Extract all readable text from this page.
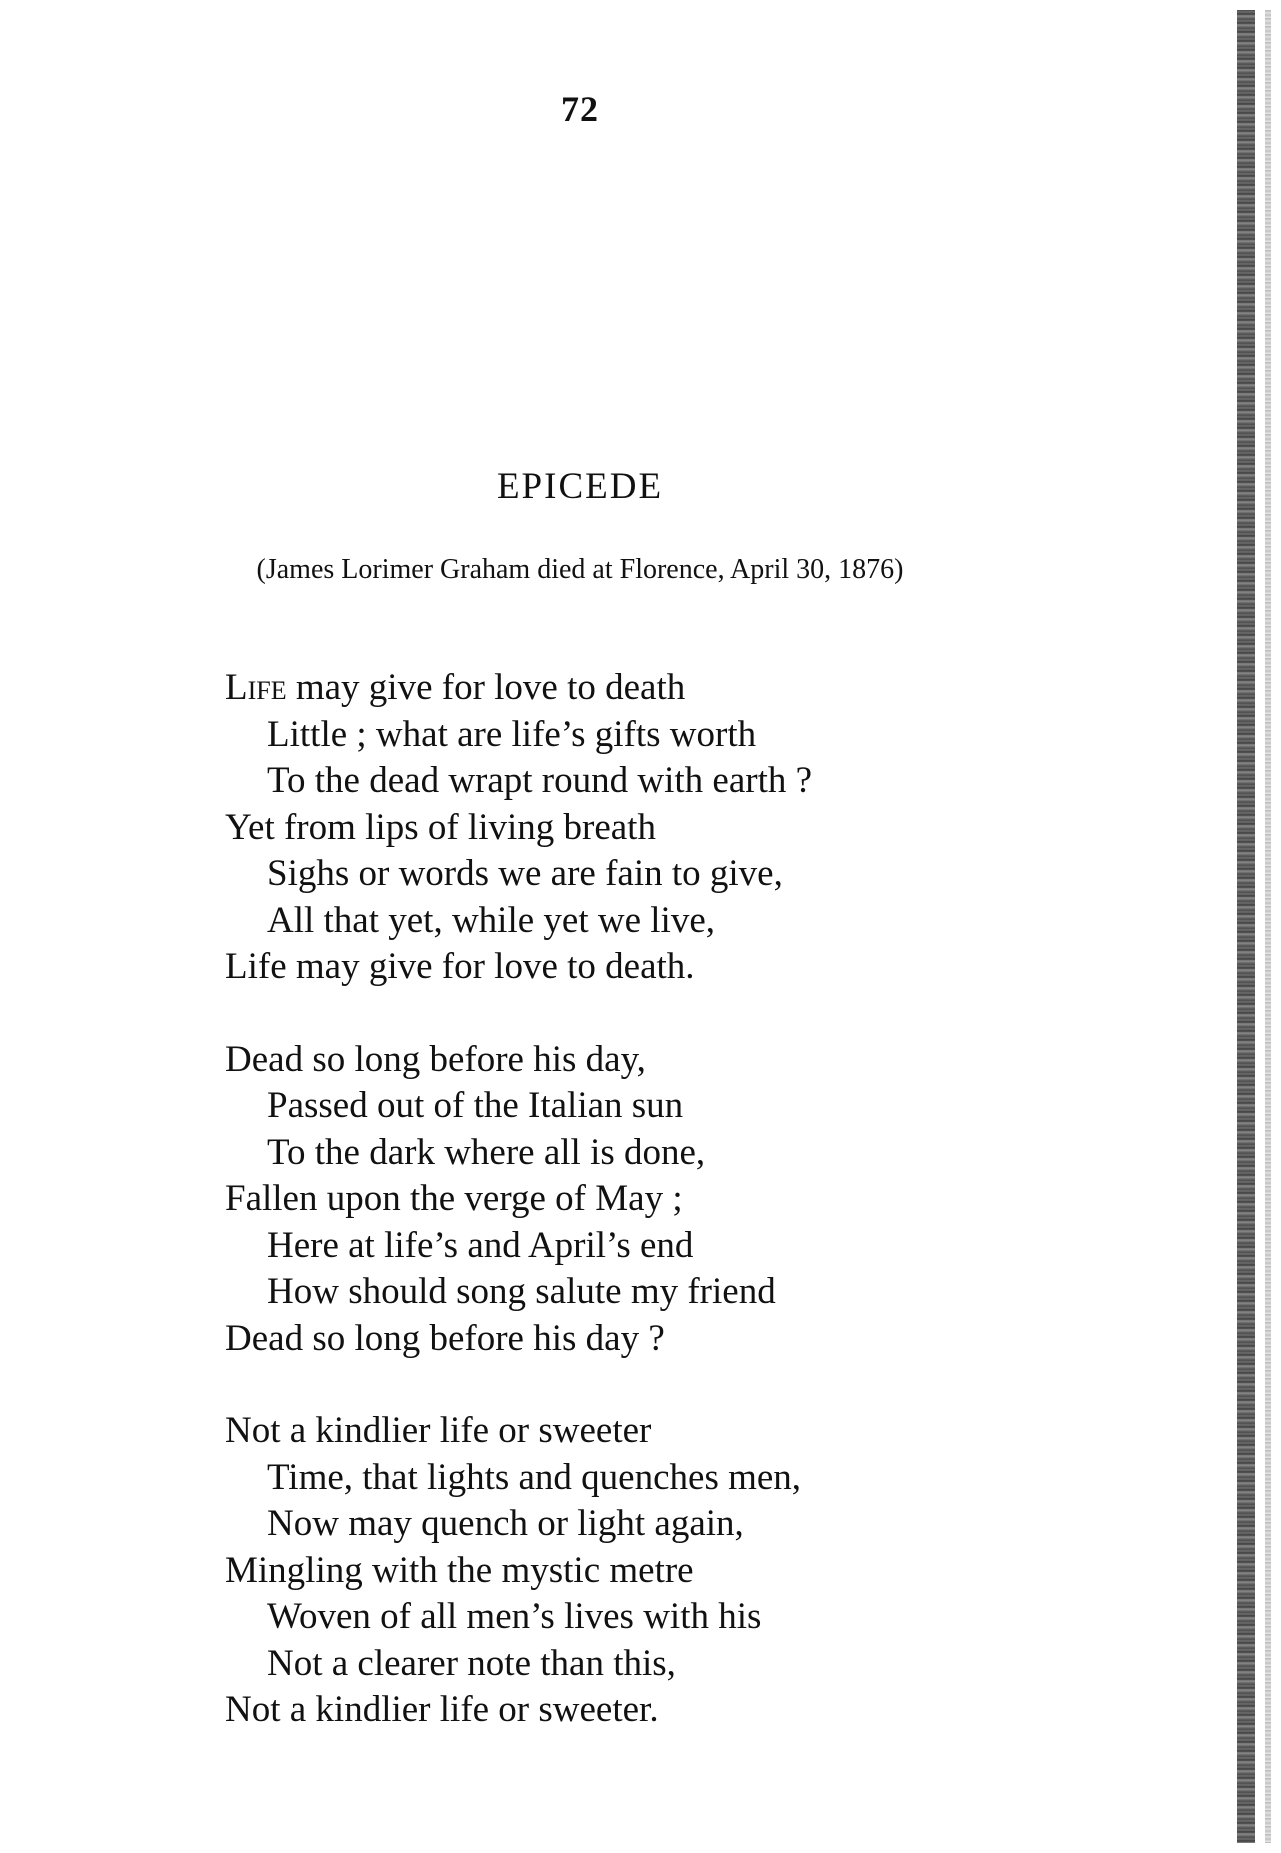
72
EPICEDE
(James Lorimer Graham died at Florence, April 30, 1876)
Life may give for love to death
Little ; what are life’s gifts worth
To the dead wrapt round with earth ?
Yet from lips of living breath
Sighs or words we are fain to give,
All that yet, while yet we live,
Life may give for love to death.
Dead so long before his day,
Passed out of the Italian sun
To the dark where all is done,
Fallen upon the verge of May ;
Here at life’s and April’s end
How should song salute my friend
Dead so long before his day ?
Not a kindlier life or sweeter
Time, that lights and quenches men,
Now may quench or light again,
Mingling with the mystic metre
Woven of all men’s lives with his
Not a clearer note than this,
Not a kindlier life or sweeter.
